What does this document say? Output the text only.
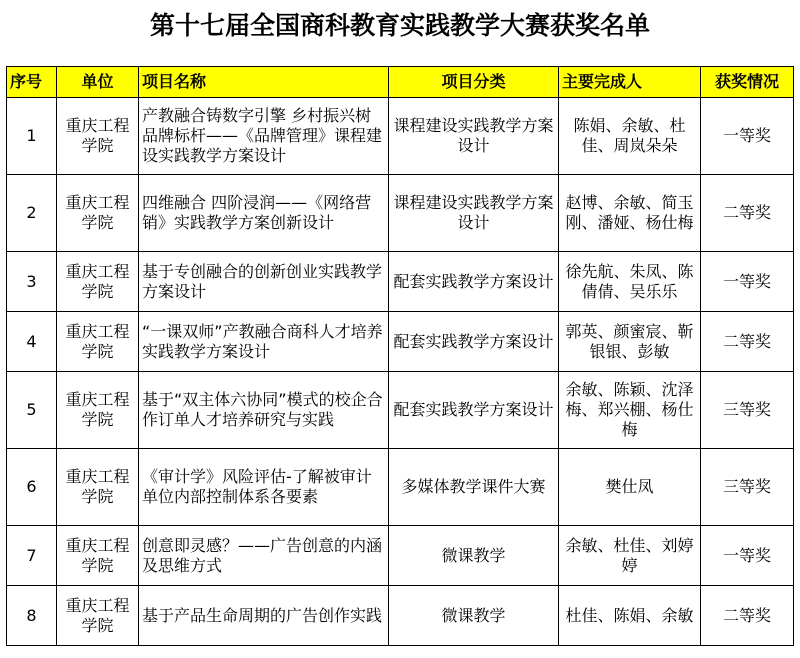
第十七届全国商科教育实践教学大赛获奖名单
序号	单位	项目名称	项目分类	主要完成人	获奖情况
1	重庆工程学院	产教融合铸数字引擎 乡村振兴树品牌标杆——《品牌管理》课程建设实践教学方案设计	课程建设实践教学方案设计	陈娟、余敏、杜佳、周岚朵朵	一等奖
2	重庆工程学院	四维融合 四阶浸润——《网络营销》实践教学方案创新设计	课程建设实践教学方案设计	赵博、余敏、简玉刚、潘娅、杨仕梅	二等奖
3	重庆工程学院	基于专创融合的创新创业实践教学方案设计	配套实践教学方案设计	徐先航、朱凤、陈倩倩、吴乐乐	一等奖
4	重庆工程学院	“一课双师”产教融合商科人才培养实践教学方案设计	配套实践教学方案设计	郭英、颜蜜宸、靳银银、彭敏	二等奖
5	重庆工程学院	基于“双主体六协同”模式的校企合作订单人才培养研究与实践	配套实践教学方案设计	余敏、陈颖、沈泽梅、郑兴棚、杨仕梅	三等奖
6	重庆工程学院	《审计学》风险评估-了解被审计单位内部控制体系各要素	多媒体教学课件大赛	樊仕凤	三等奖
7	重庆工程学院	创意即灵感？——广告创意的内涵及思维方式	微课教学	余敏、杜佳、刘婷婷	一等奖
8	重庆工程学院	基于产品生命周期的广告创作实践	微课教学	杜佳、陈娟、余敏	二等奖
